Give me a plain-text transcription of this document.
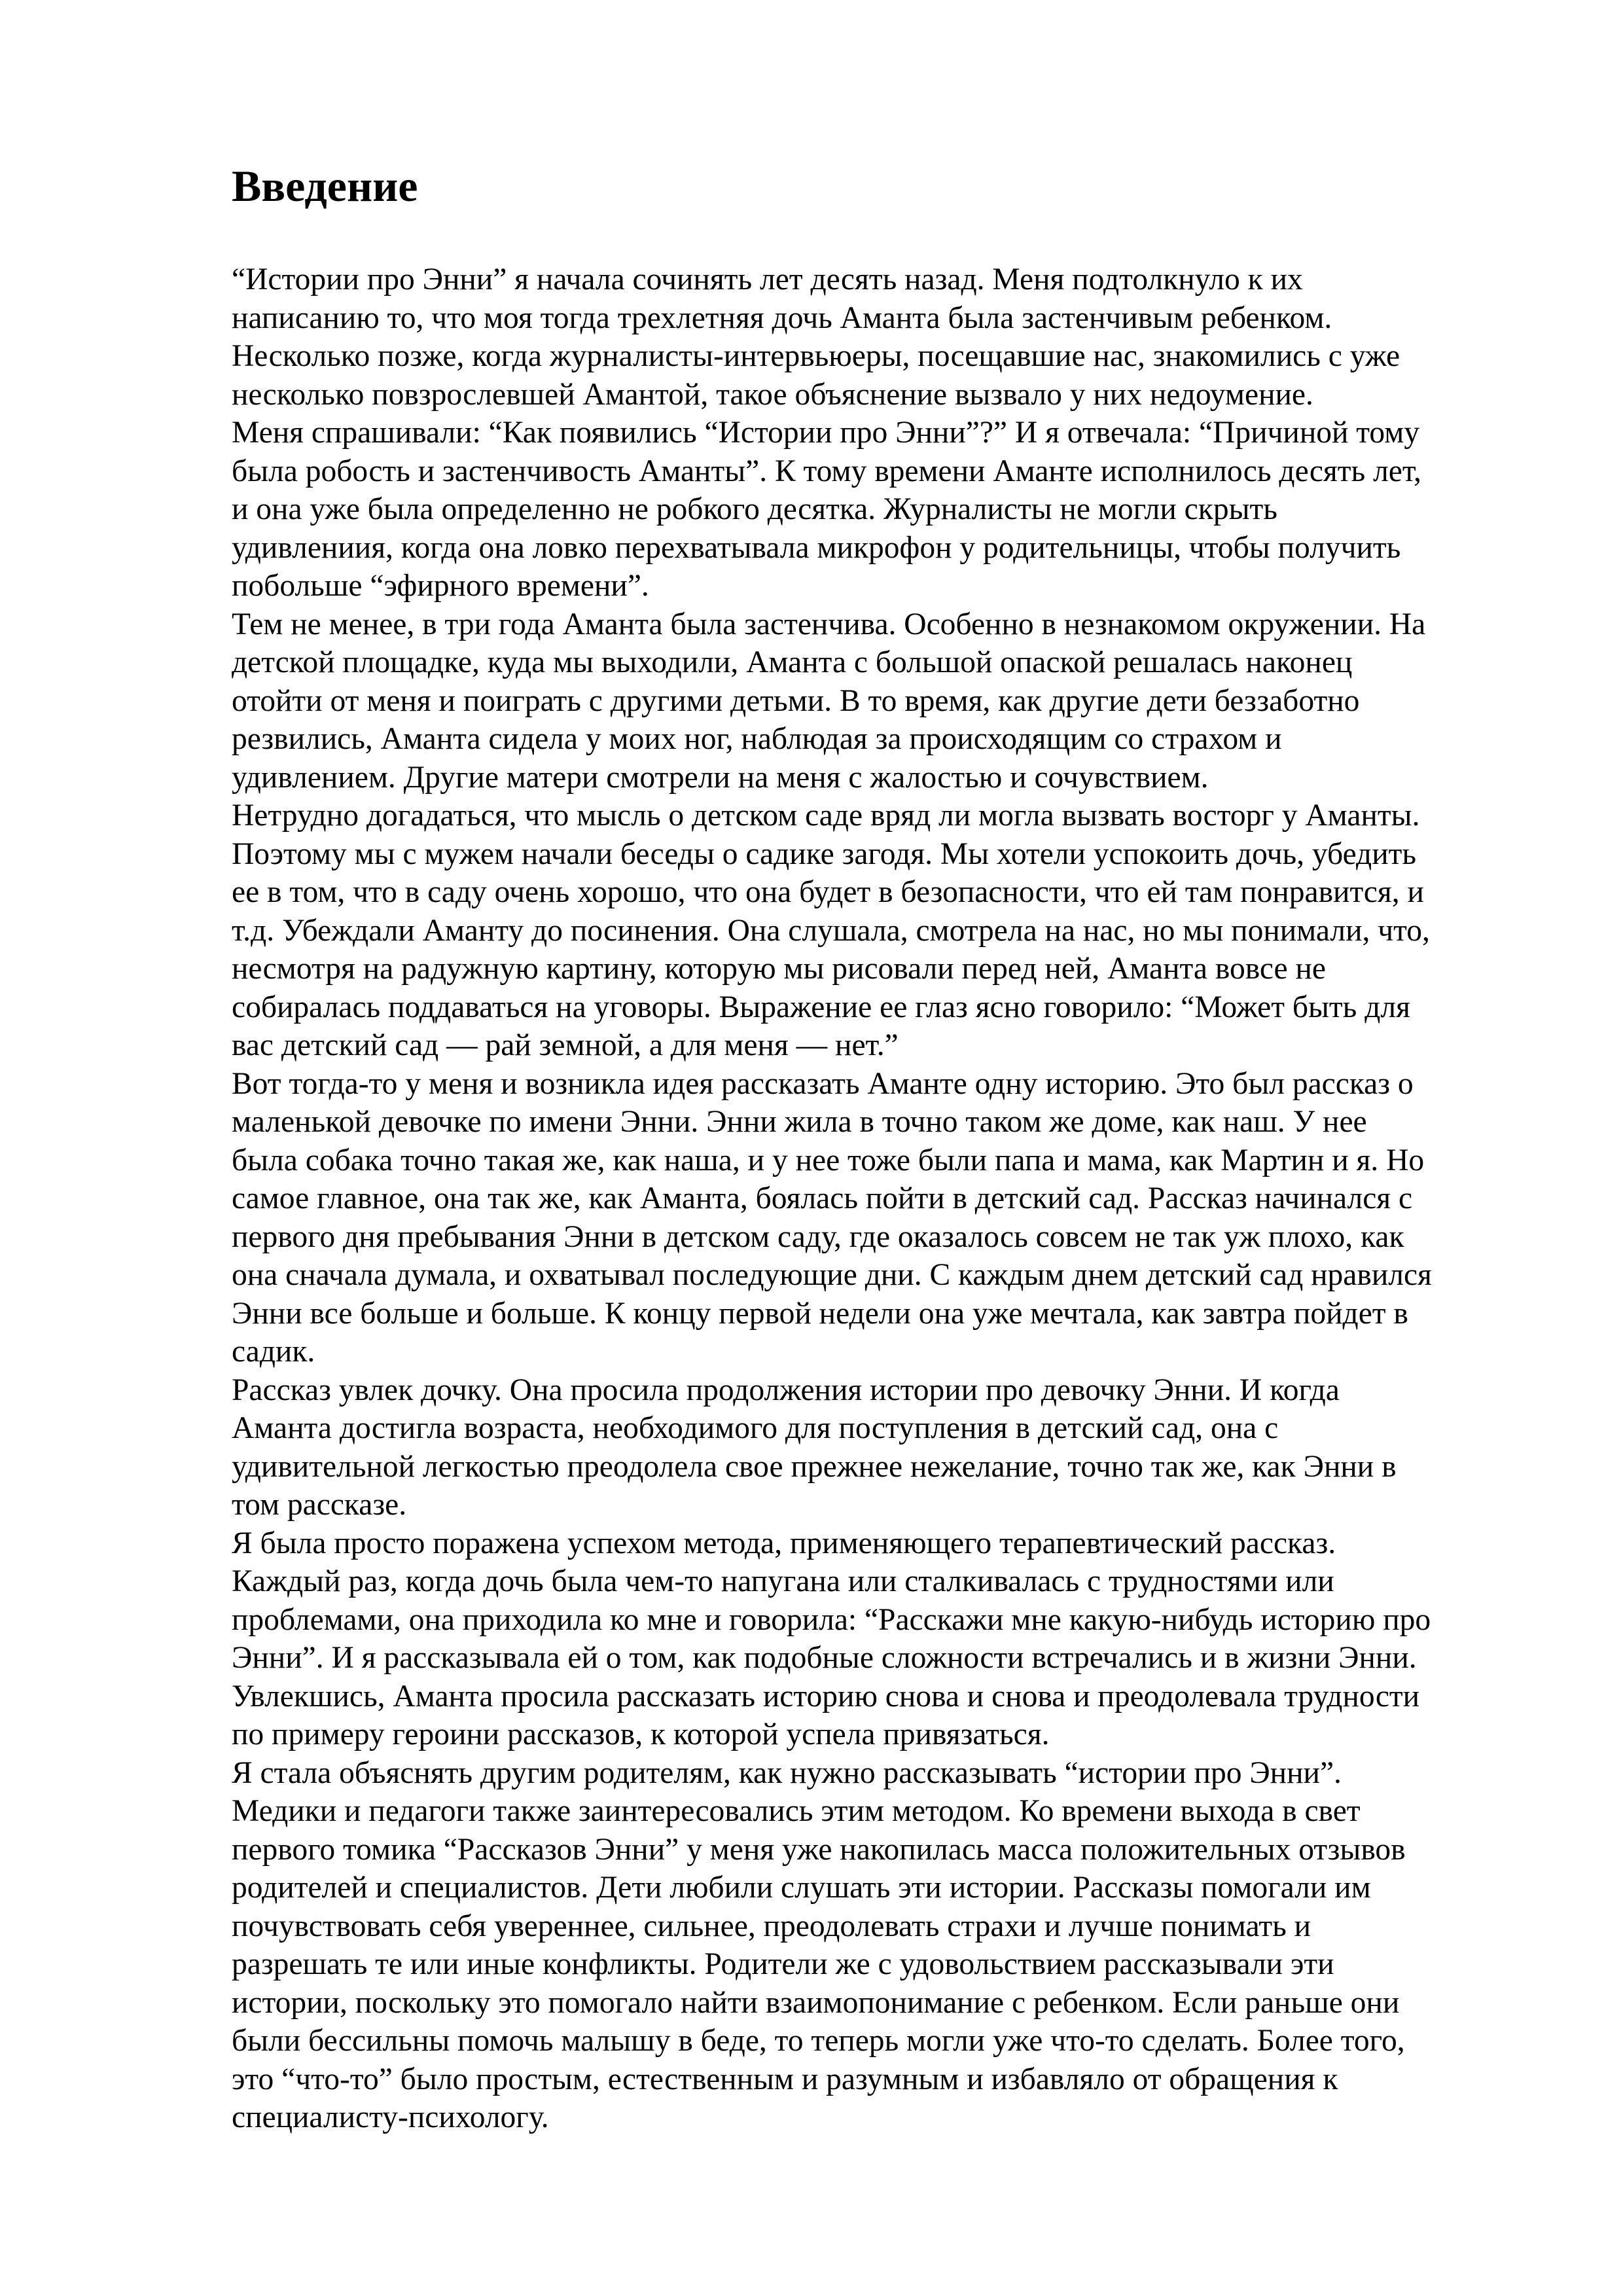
Введение
“Истории про Энни” я начала сочинять лет десять назад. Меня подтолкнуло к их
написанию то, что моя тогда трехлетняя дочь Аманта была застенчивым ребенком.
Несколько позже, когда журналисты-интервьюеры, посещавшие нас, знакомились с уже
несколько повзрослевшей Амантой, такое объяснение вызвало у них недоумение.
Меня спрашивали: “Как появились “Истории про Энни”?” И я отвечала: “Причиной тому
была робость и застенчивость Аманты”. К тому времени Аманте исполнилось десять лет,
и она уже была определенно не робкого десятка. Журналисты не могли скрыть
удивлениия, когда она ловко перехватывала микрофон у родительницы, чтобы получить
побольше “эфирного времени”.
Тем не менее, в три года Аманта была застенчива. Особенно в незнакомом окружении. На
детской площадке, куда мы выходили, Аманта с большой опаской решалась наконец
отойти от меня и поиграть с другими детьми. В то время, как другие дети беззаботно
резвились, Аманта сидела у моих ног, наблюдая за происходящим со страхом и
удивлением. Другие матери смотрели на меня с жалостью и сочувствием.
Нетрудно догадаться, что мысль о детском саде вряд ли могла вызвать восторг у Аманты.
Поэтому мы с мужем начали беседы о садике загодя. Мы хотели успокоить дочь, убедить
ее в том, что в саду очень хорошо, что она будет в безопасности, что ей там понравится, и
т.д. Убеждали Аманту до посинения. Она слушала, смотрела на нас, но мы понимали, что,
несмотря на радужную картину, которую мы рисовали перед ней, Аманта вовсе не
собиралась поддаваться на уговоры. Выражение ее глаз ясно говорило: “Может быть для
вас детский сад — рай земной, а для меня — нет.”
Вот тогда-то у меня и возникла идея рассказать Аманте одну историю. Это был рассказ о
маленькой девочке по имени Энни. Энни жила в точно таком же доме, как наш. У нее
была собака точно такая же, как наша, и у нее тоже были папа и мама, как Мартин и я. Но
самое главное, она так же, как Аманта, боялась пойти в детский сад. Рассказ начинался с
первого дня пребывания Энни в детском саду, где оказалось совсем не так уж плохо, как
она сначала думала, и охватывал последующие дни. С каждым днем детский сад нравился
Энни все больше и больше. К концу первой недели она уже мечтала, как завтра пойдет в
садик.
Рассказ увлек дочку. Она просила продолжения истории про девочку Энни. И когда
Аманта достигла возраста, необходимого для поступления в детский сад, она с
удивительной легкостью преодолела свое прежнее нежелание, точно так же, как Энни в
том рассказе.
Я была просто поражена успехом метода, применяющего терапевтический рассказ.
Каждый раз, когда дочь была чем-то напугана или сталкивалась с трудностями или
проблемами, она приходила ко мне и говорила: “Расскажи мне какую-нибудь историю про
Энни”. И я рассказывала ей о том, как подобные сложности встречались и в жизни Энни.
Увлекшись, Аманта просила рассказать историю снова и снова и преодолевала трудности
по примеру героини рассказов, к которой успела привязаться.
Я стала объяснять другим родителям, как нужно рассказывать “истории про Энни”.
Медики и педагоги также заинтересовались этим методом. Ко времени выхода в свет
первого томика “Рассказов Энни” у меня уже накопилась масса положительных отзывов
родителей и специалистов. Дети любили слушать эти истории. Рассказы помогали им
почувствовать себя увереннее, сильнее, преодолевать страхи и лучше понимать и
разрешать те или иные конфликты. Родители же с удовольствием рассказывали эти
истории, поскольку это помогало найти взаимопонимание с ребенком. Если раньше они
были бессильны помочь малышу в беде, то теперь могли уже что-то сделать. Более того,
это “что-то” было простым, естественным и разумным и избавляло от обращения к
специалисту-психологу.
